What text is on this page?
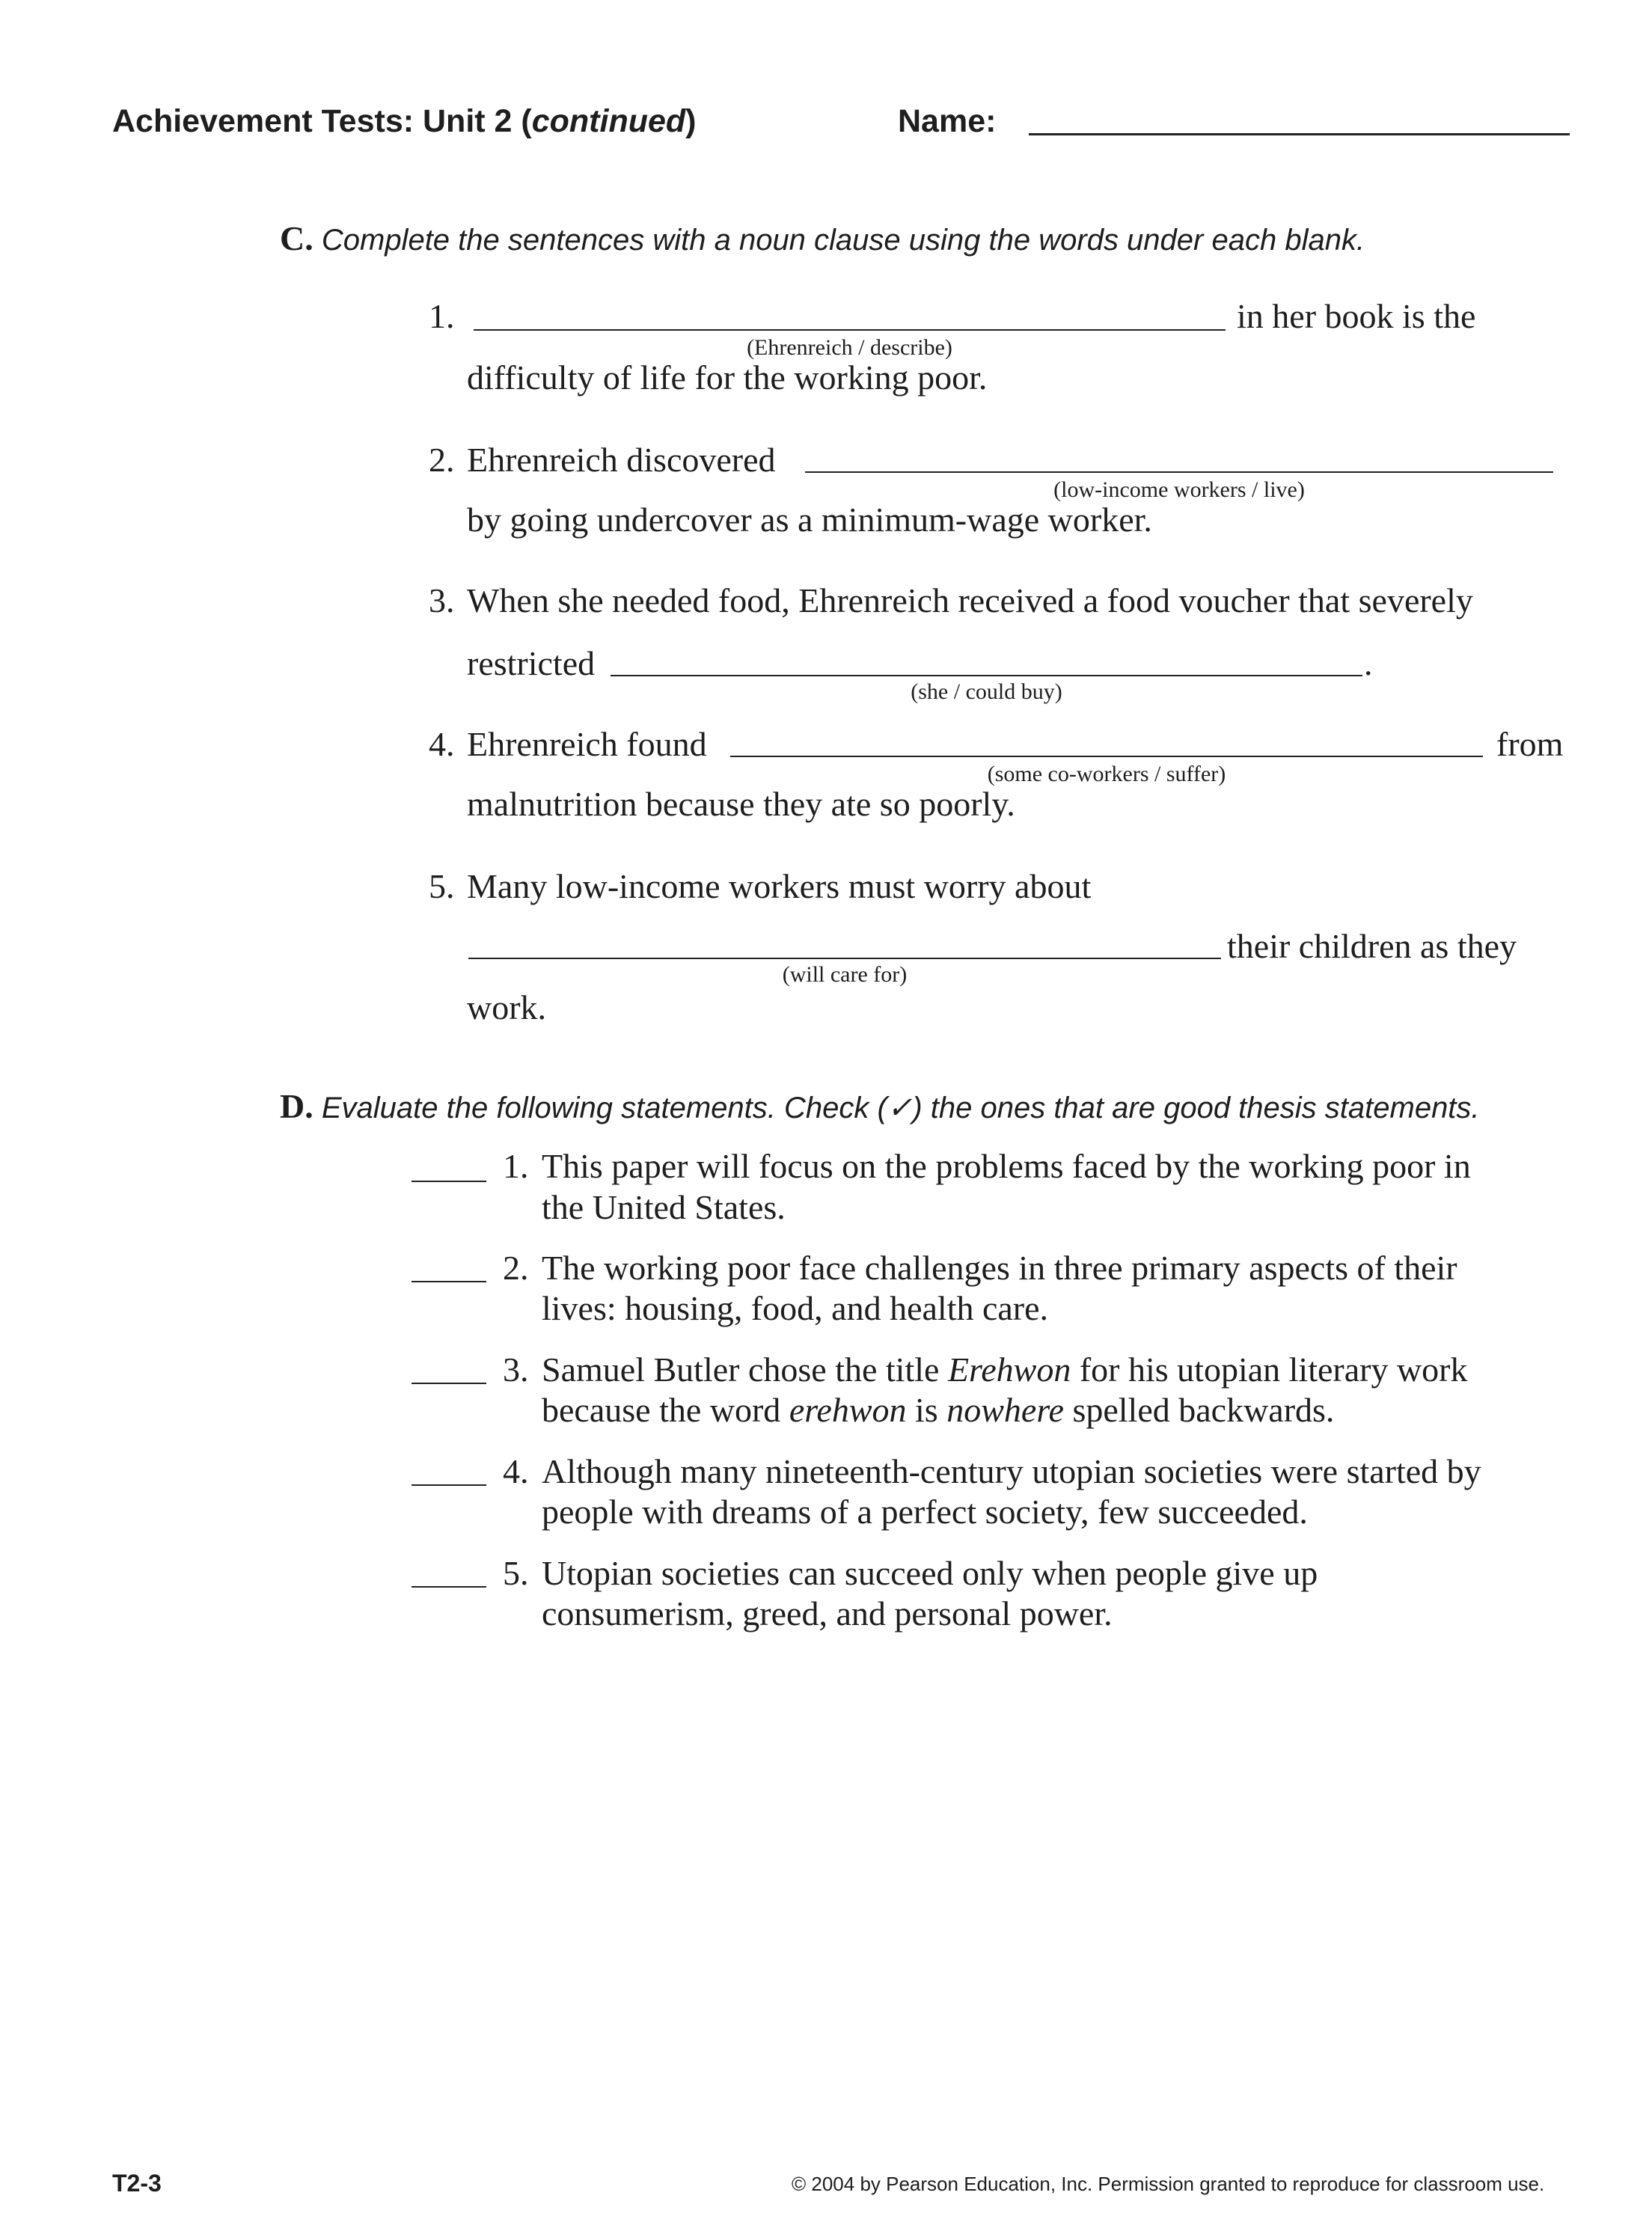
Achievement Tests: Unit 2 (continued)	Name:
C. Complete the sentences with a noun clause using the words under each blank.
1.	in her book is the
(Ehrenreich / describe)
difficulty of life for the working poor.
2. Ehrenreich discovered
(low-income workers / live)
by going undercover as a minimum-wage worker.
3. When she needed food, Ehrenreich received a food voucher that severely
restricted	.
(she / could buy)
4. Ehrenreich found	from
(some co-workers / suffer)
malnutrition because they ate so poorly.
5. Many low-income workers must worry about
their children as they
(will care for)
work.
D. Evaluate the following statements. Check (✓) the ones that are good thesis statements.
1. This paper will focus on the problems faced by the working poor in
the United States.
2. The working poor face challenges in three primary aspects of their
lives: housing, food, and health care.
3. Samuel Butler chose the title Erehwon for his utopian literary work
because the word erehwon is nowhere spelled backwards.
4. Although many nineteenth-century utopian societies were started by
people with dreams of a perfect society, few succeeded.
5. Utopian societies can succeed only when people give up
consumerism, greed, and personal power.
T2-3	© 2004 by Pearson Education, Inc. Permission granted to reproduce for classroom use.
